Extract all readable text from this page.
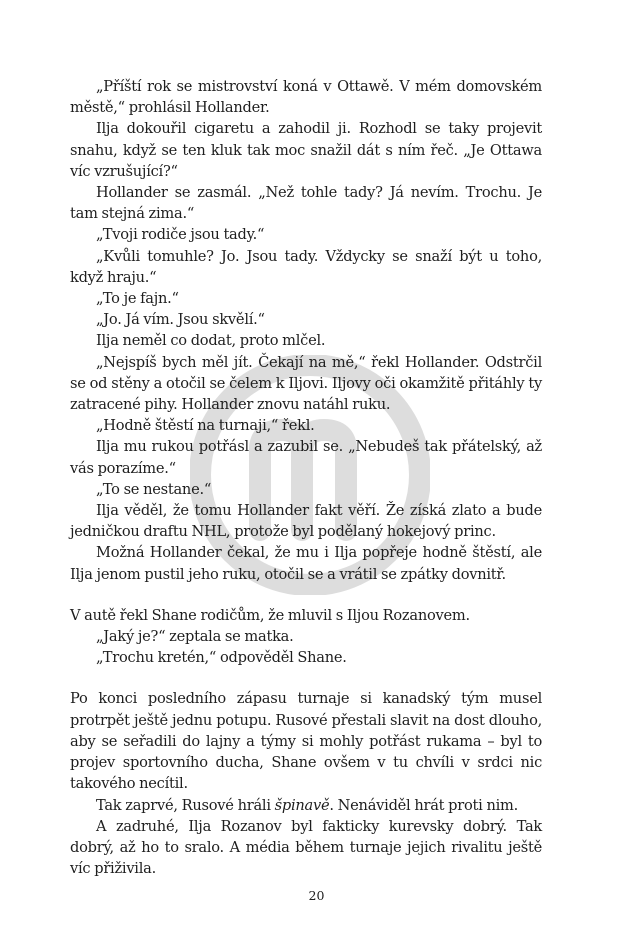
„Příští rok se mistrovství koná v Ottawě. V mém domovském městě,“ prohlásil Hollander.

Ilja dokouřil cigaretu a zahodil ji. Rozhodl se taky projevit snahu, když se ten kluk tak moc snažil dát s ním řeč. „Je Ottawa víc vzrušující?“

Hollander se zasmál. „Než tohle tady? Já nevím. Trochu. Je tam stejná zima.“

„Tvoji rodiče jsou tady.“

„Kvůli tomuhle? Jo. Jsou tady. Vždycky se snaží být u toho, když hraju.“

„To je fajn.“

„Jo. Já vím. Jsou skvělí.“

Ilja neměl co dodat, proto mlčel.

„Nejspíš bych měl jít. Čekají na mě,“ řekl Hollander. Odstrčil se od stěny a otočil se čelem k Iljovi. Iljovy oči okamžitě přitáhly ty zatracené pihy. Hollander znovu natáhl ruku.

„Hodně štěstí na turnaji,“ řekl.

Ilja mu rukou potřásl a zazubil se. „Nebudeš tak přátelský, až vás porazíme.“

„To se nestane.“

Ilja věděl, že tomu Hollander fakt věří. Že získá zlato a bude jedničkou draftu NHL, protože byl podělaný hokejový princ.

Možná Hollander čekal, že mu i Ilja popřeje hodně štěstí, ale Ilja jenom pustil jeho ruku, otočil se a vrátil se zpátky dovnitř.

V autě řekl Shane rodičům, že mluvil s Iljou Rozanovem.

„Jaký je?“ zeptala se matka.

„Trochu kretén,“ odpověděl Shane.

Po konci posledního zápasu turnaje si kanadský tým musel protrpět ještě jednu potupu. Rusové přestali slavit na dost dlouho, aby se seřadili do lajny a týmy si mohly potřást rukama – byl to projev sportovního ducha, Shane ovšem v tu chvíli v srdci nic takového necítil.

Tak zaprvé, Rusové hráli špinavě. Nenáviděl hrát proti nim.

A zadruhé, Ilja Rozanov byl fakticky kurevsky dobrý. Tak dobrý, až ho to sralo. A média během turnaje jejich rivalitu ještě víc přiživila.

20
